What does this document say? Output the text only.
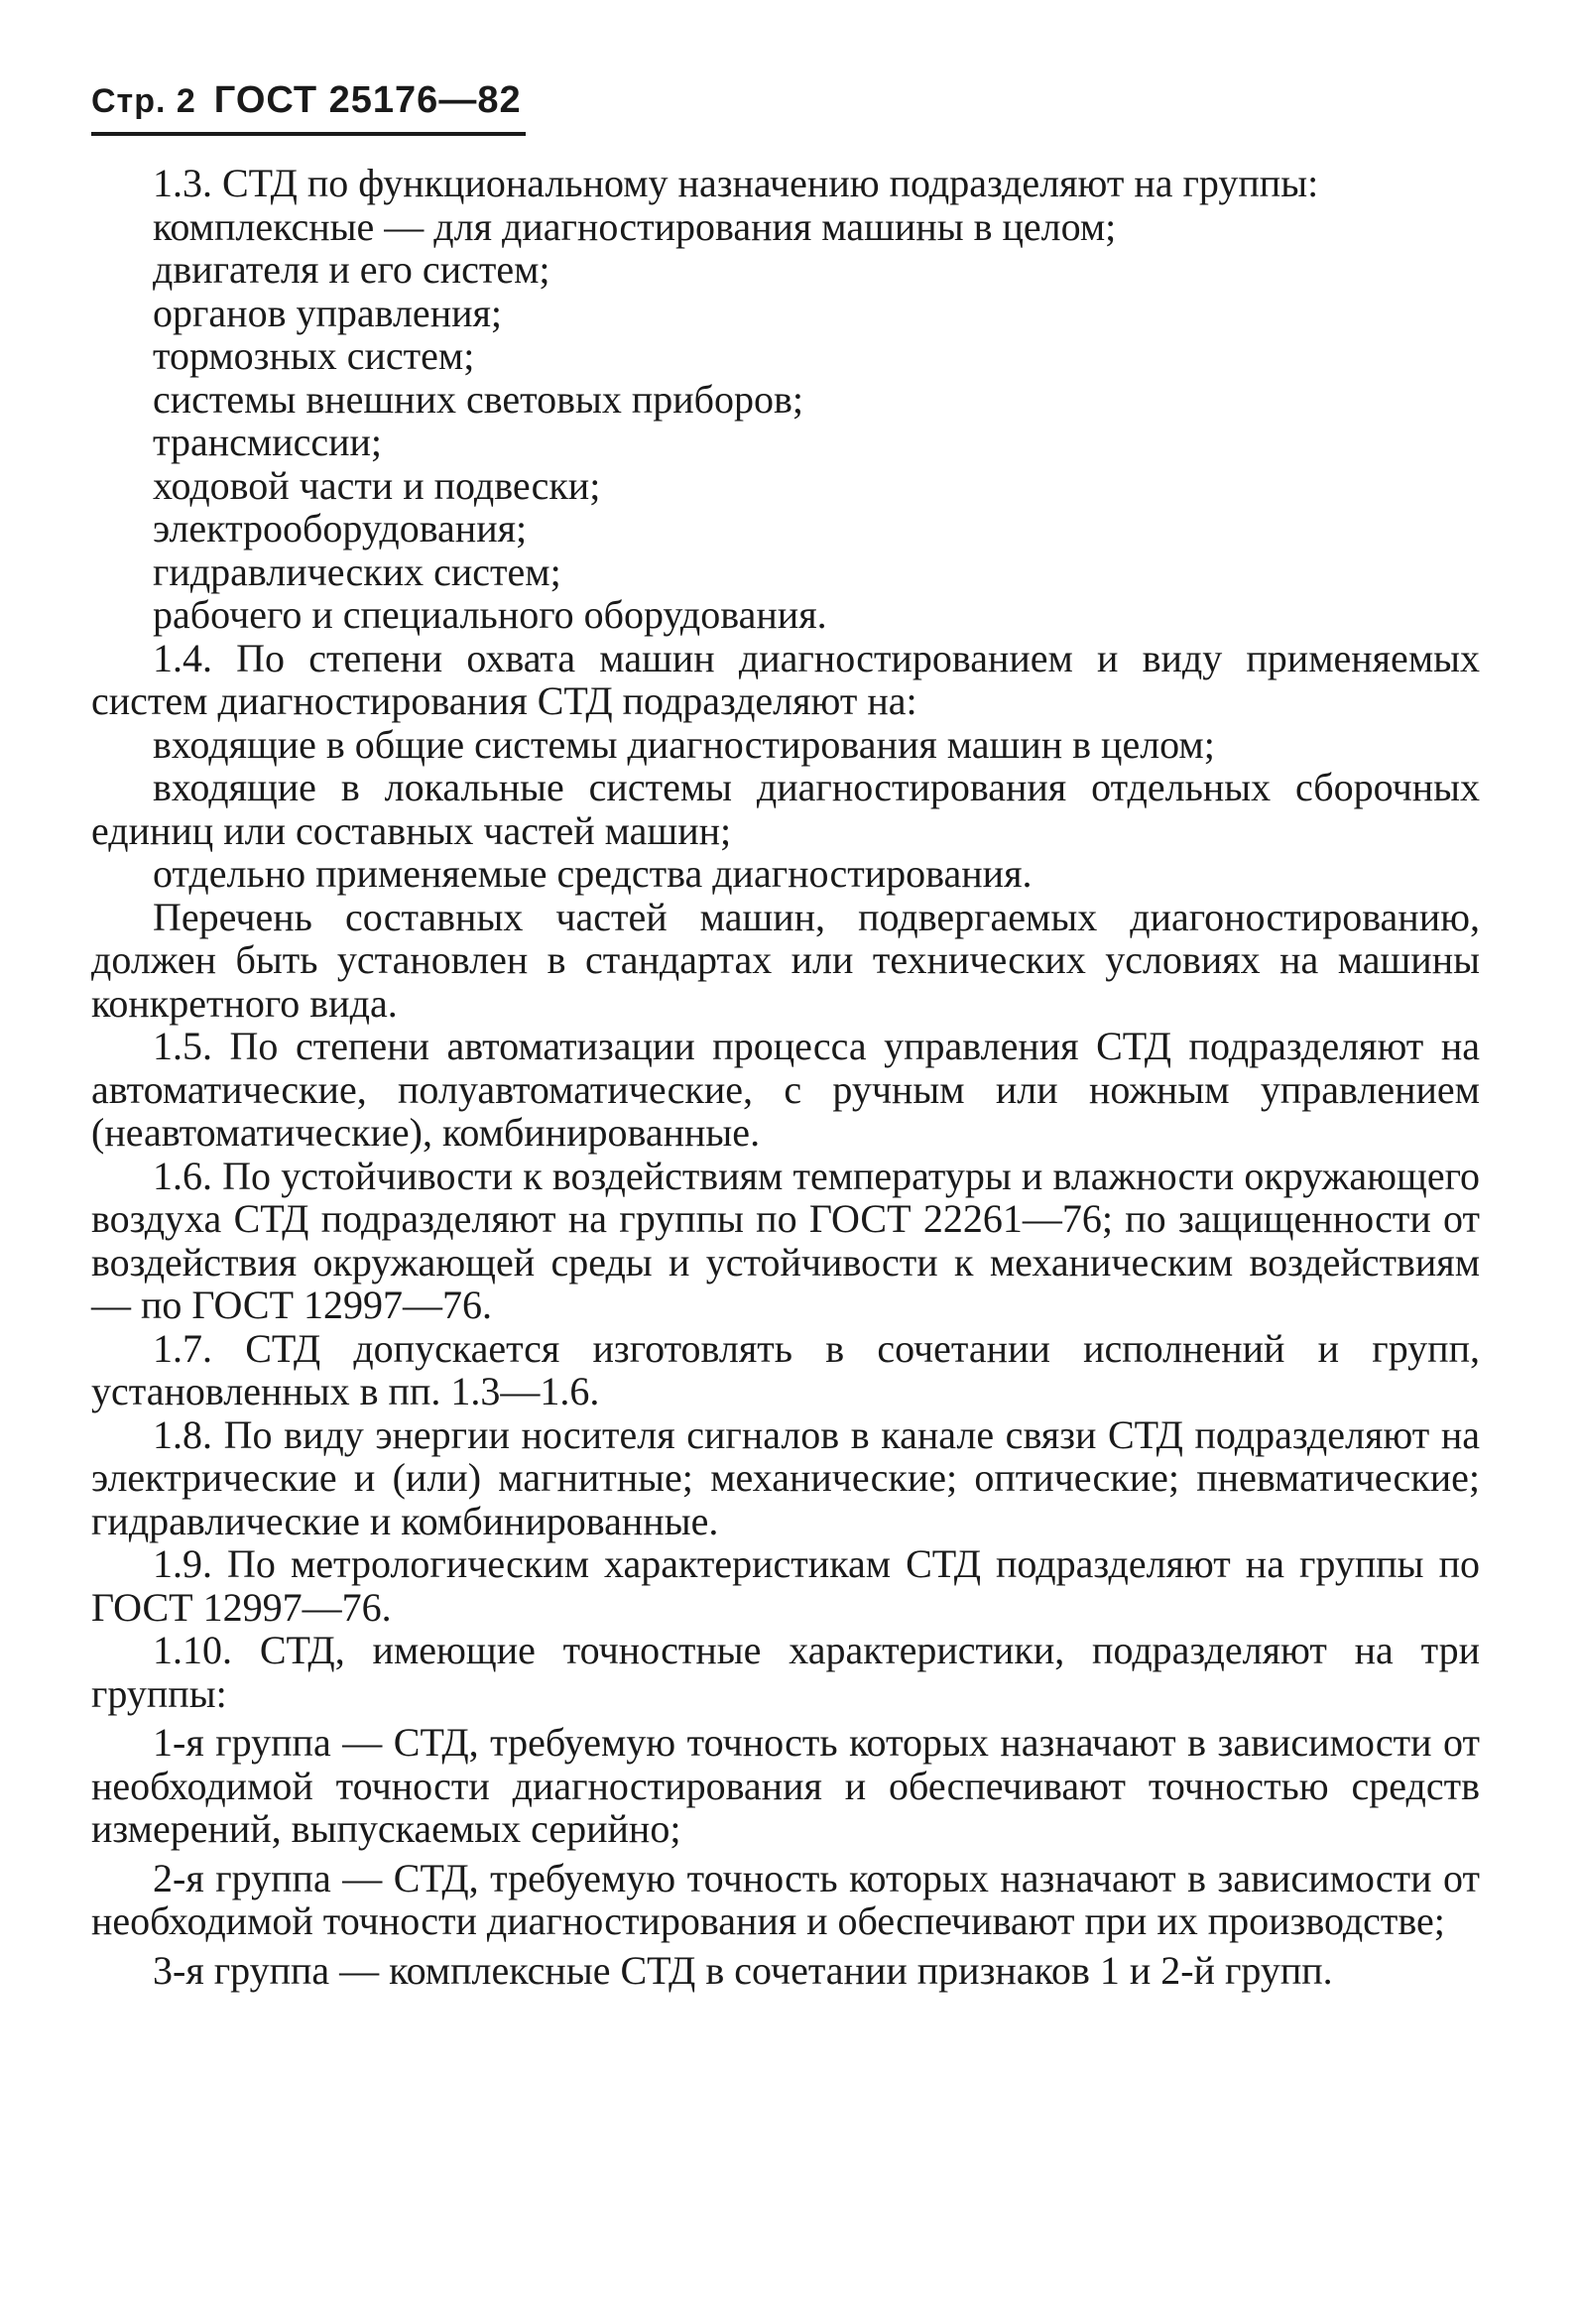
Стр. 2 ГОСТ 25176—82

1.3. СТД по функциональному назначению подразделяют на группы:

комплексные — для диагностирования машины в целом;

двигателя и его систем;

органов управления;

тормозных систем;

системы внешних световых приборов;

трансмиссии;

ходовой части и подвески;

электрооборудования;

гидравлических систем;

рабочего и специального оборудования.

1.4. По степени охвата машин диагностированием и виду применяемых систем диагностирования СТД подразделяют на:

входящие в общие системы диагностирования машин в целом;

входящие в локальные системы диагностирования отдельных сборочных единиц или составных частей машин;

отдельно применяемые средства диагностирования.

Перечень составных частей машин, подвергаемых диагоностированию, должен быть установлен в стандартах или технических условиях на машины конкретного вида.

1.5. По степени автоматизации процесса управления СТД подразделяют на автоматические, полуавтоматические, с ручным или ножным управлением (неавтоматические), комбинированные.

1.6. По устойчивости к воздействиям температуры и влажности окружающего воздуха СТД подразделяют на группы по ГОСТ 22261—76; по защищенности от воздействия окружающей среды и устойчивости к механическим воздействиям — по ГОСТ 12997—76.

1.7. СТД допускается изготовлять в сочетании исполнений и групп, установленных в пп. 1.3—1.6.

1.8. По виду энергии носителя сигналов в канале связи СТД подразделяют на электрические и (или) магнитные; механические; оптические; пневматические; гидравлические и комбинированные.

1.9. По метрологическим характеристикам СТД подразделяют на группы по ГОСТ 12997—76.

1.10. СТД, имеющие точностные характеристики, подразделяют на три группы:

1-я группа — СТД, требуемую точность которых назначают в зависимости от необходимой точности диагностирования и обеспечивают точностью средств измерений, выпускаемых серийно;

2-я группа — СТД, требуемую точность которых назначают в зависимости от необходимой точности диагностирования и обеспечивают при их производстве;

3-я группа — комплексные СТД в сочетании признаков 1 и 2-й групп.
